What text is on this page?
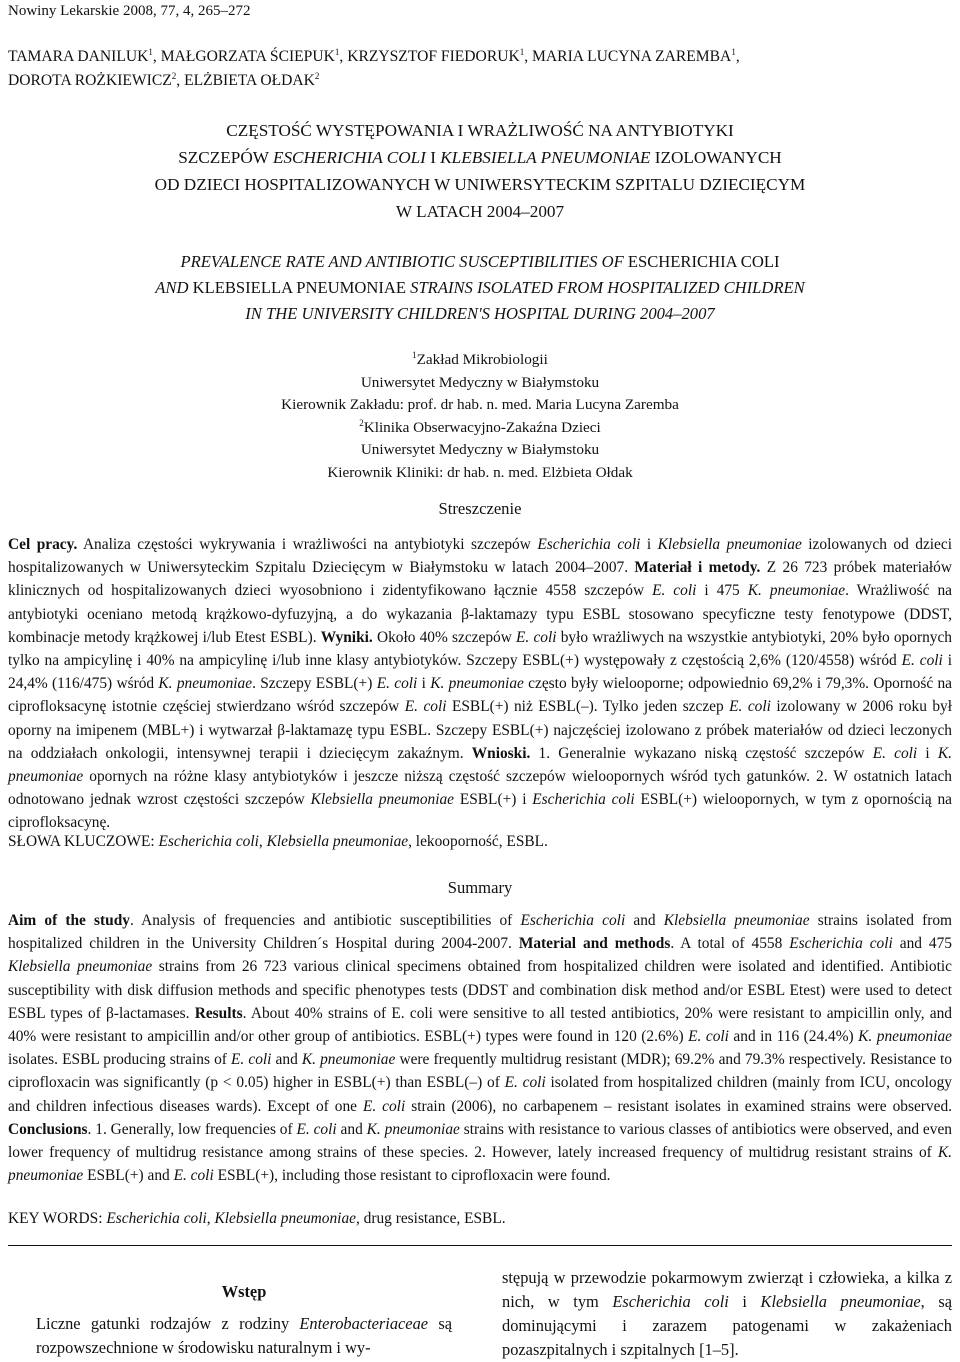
Nowiny Lekarskie 2008, 77, 4, 265–272
TAMARA DANILUK$^1$, MAŁGORZATA ŚCIEPUK$^1$, KRZYSZTOF FIEDORUK$^1$, MARIA LUCYNA ZAREMBA$^1$,
DOROTA ROŻKIEWICZ$^2$, ELŻBIETA OŁDAK$^2$
CZĘSTOŚĆ WYSTĘPOWANIA I WRAŻLIWOŚĆ NA ANTYBIOTYKI
SZCZEPÓW ESCHERICHIA COLI I KLEBSIELLA PNEUMONIAE IZOLOWANYCH
OD DZIECI HOSPITALIZOWANYCH W UNIWERSYTECKIM SZPITALU DZIECIĘCYM
W LATACH 2004–2007
PREVALENCE RATE AND ANTIBIOTIC SUSCEPTIBILITIES OF ESCHERICHIA COLI
AND KLEBSIELLA PNEUMONIAE STRAINS ISOLATED FROM HOSPITALIZED CHILDREN
IN THE UNIVERSITY CHILDREN'S HOSPITAL DURING 2004–2007
$^1$Zakład Mikrobiologii
Uniwersytet Medyczny w Białymstoku
Kierownik Zakładu: prof. dr hab. n. med. Maria Lucyna Zaremba
$^2$Klinika Obserwacyjno-Zakaźna Dzieci
Uniwersytet Medyczny w Białymstoku
Kierownik Kliniki: dr hab. n. med. Elżbieta Ołdak
Streszczenie
Cel pracy. Analiza częstości wykrywania i wrażliwości na antybiotyki szczepów Escherichia coli i Klebsiella pneumoniae izolowanych od dzieci hospitalizowanych w Uniwersyteckim Szpitalu Dziecięcym w Białymstoku w latach 2004–2007. Materiał i metody. Z 26 723 próbek materiałów klinicznych od hospitalizowanych dzieci wyosobniono i zidentyfikowano łącznie 4558 szczepów E. coli i 475 K. pneumoniae. Wrażliwość na antybiotyki oceniano metodą krążkowo-dyfuzyjną, a do wykazania β-laktamazy typu ESBL stosowano specyficzne testy fenotypowe (DDST, kombinacje metody krążkowej i/lub Etest ESBL). Wyniki. Około 40% szczepów E. coli było wrażliwych na wszystkie antybiotyki, 20% było opornych tylko na ampicylinę i 40% na ampicylinę i/lub inne klasy antybiotyków. Szczepy ESBL(+) występowały z częstością 2,6% (120/4558) wśród E. coli i 24,4% (116/475) wśród K. pneumoniae. Szczepy ESBL(+) E. coli i K. pneumoniae często były wielooporne; odpowiednio 69,2% i 79,3%. Oporność na ciprofloksacynę istotnie częściej stwierdzano wśród szczepów E. coli ESBL(+) niż ESBL(–). Tylko jeden szczep E. coli izolowany w 2006 roku był oporny na imipenem (MBL+) i wytwarzał β-laktamazę typu ESBL. Szczepy ESBL(+) najczęściej izolowano z próbek materiałów od dzieci leczonych na oddziałach onkologii, intensywnej terapii i dziecięcym zakaźnym. Wnioski. 1. Generalnie wykazano niską częstość szczepów E. coli i K. pneumoniae opornych na różne klasy antybiotyków i jeszcze niższą częstość szczepów wieloopornych wśród tych gatunków. 2. W ostatnich latach odnotowano jednak wzrost częstości szczepów Klebsiella pneumoniae ESBL(+) i Escherichia coli ESBL(+) wieloopornych, w tym z opornością na ciprofloksacynę.
SŁOWA KLUCZOWE: Escherichia coli, Klebsiella pneumoniae, lekooporność, ESBL.
Summary
Aim of the study. Analysis of frequencies and antibiotic susceptibilities of Escherichia coli and Klebsiella pneumoniae strains isolated from hospitalized children in the University Children´s Hospital during 2004-2007. Material and methods. A total of 4558 Escherichia coli and 475 Klebsiella pneumoniae strains from 26 723 various clinical specimens obtained from hospitalized children were isolated and identified. Antibiotic susceptibility with disk diffusion methods and specific phenotypes tests (DDST and combination disk method and/or ESBL Etest) were used to detect ESBL types of β-lactamases. Results. About 40% strains of E. coli were sensitive to all tested antibiotics, 20% were resistant to ampicillin only, and 40% were resistant to ampicillin and/or other group of antibiotics. ESBL(+) types were found in 120 (2.6%) E. coli and in 116 (24.4%) K. pneumoniae isolates. ESBL producing strains of E. coli and K. pneumoniae were frequently multidrug resistant (MDR); 69.2% and 79.3% respectively. Resistance to ciprofloxacin was significantly (p < 0.05) higher in ESBL(+) than ESBL(–) of E. coli isolated from hospitalized children (mainly from ICU, oncology and children infectious diseases wards). Except of one E. coli strain (2006), no carbapenem – resistant isolates in examined strains were observed. Conclusions. 1. Generally, low frequencies of E. coli and K. pneumoniae strains with resistance to various classes of antibiotics were observed, and even lower frequency of multidrug resistance among strains of these species. 2. However, lately increased frequency of multidrug resistant strains of K. pneumoniae ESBL(+) and E. coli ESBL(+), including those resistant to ciprofloxacin were found.
KEY WORDS: Escherichia coli, Klebsiella pneumoniae, drug resistance, ESBL.
Wstęp
Liczne gatunki rodzajów z rodziny Enterobacteriaceae są rozpowszechnione w środowisku naturalnym i wy-
stępują w przewodzie pokarmowym zwierząt i człowieka, a kilka z nich, w tym Escherichia coli i Klebsiella pneumoniae, są dominującymi i zarazem patogenami w zakażeniach pozaszpitalnych i szpitalnych [1–5].
